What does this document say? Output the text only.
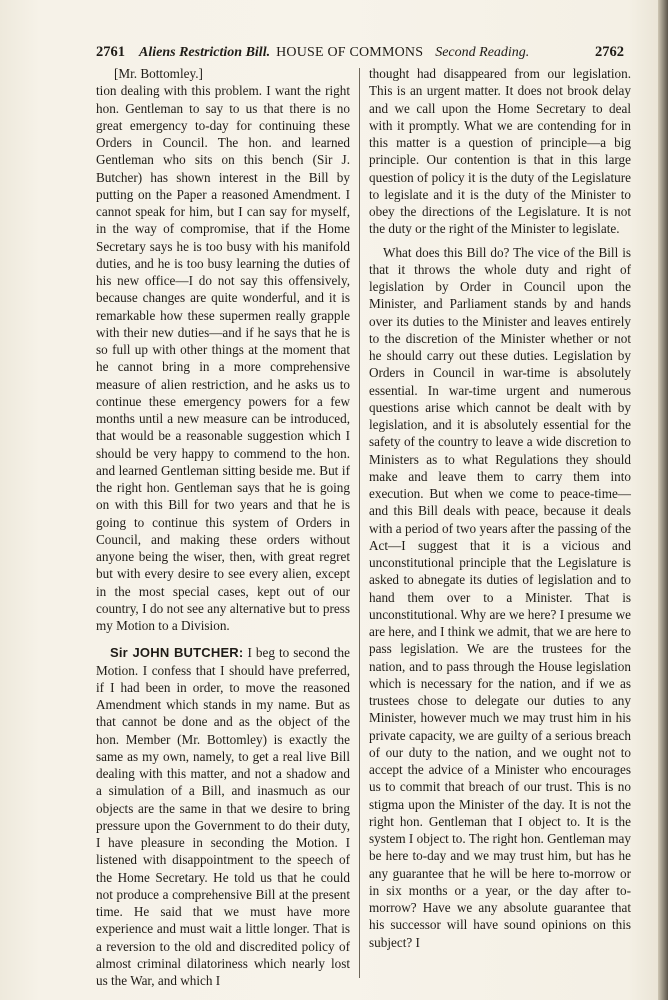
2761 Aliens Restriction Bill. HOUSE OF COMMONS Second Reading.	2762

[Mr. Bottomley.]

tion dealing with this problem. I want the right hon. Gentleman to say to us that there is no great emergency to-day for continuing these Orders in Council. The hon. and learned Gentleman who sits on this bench (Sir J. Butcher) has shown interest in the Bill by putting on the Paper a reasoned Amendment. I cannot speak for him, but I can say for myself, in the way of compromise, that if the Home Secretary says he is too busy with his manifold duties, and he is too busy learning the duties of his new office—I do not say this offensively, because changes are quite wonderful, and it is remarkable how these supermen really grapple with their new duties—and if he says that he is so full up with other things at the moment that he cannot bring in a more comprehensive measure of alien restriction, and he asks us to continue these emergency powers for a few months until a new measure can be introduced, that would be a reasonable suggestion which I should be very happy to commend to the hon. and learned Gentleman sitting beside me. But if the right hon. Gentleman says that he is going on with this Bill for two years and that he is going to continue this system of Orders in Council, and making these orders without anyone being the wiser, then, with great regret but with every desire to see every alien, except in the most special cases, kept out of our country, I do not see any alternative but to press my Motion to a Division.

Sir JOHN BUTCHER: I beg to second the Motion. I confess that I should have preferred, if I had been in order, to move the reasoned Amendment which stands in my name. But as that cannot be done and as the object of the hon. Member (Mr. Bottomley) is exactly the same as my own, namely, to get a real live Bill dealing with this matter, and not a shadow and a simulation of a Bill, and inasmuch as our objects are the same in that we desire to bring pressure upon the Government to do their duty, I have pleasure in seconding the Motion. I listened with disappointment to the speech of the Home Secretary. He told us that he could not produce a comprehensive Bill at the present time. He said that we must have more experience and must wait a little longer. That is a reversion to the old and discredited policy of almost criminal dilatoriness which nearly lost us the War, and which I

thought had disappeared from our legislation. This is an urgent matter. It does not brook delay and we call upon the Home Secretary to deal with it promptly. What we are contending for in this matter is a question of principle—a big principle. Our contention is that in this large question of policy it is the duty of the Legislature to legislate and it is the duty of the Minister to obey the directions of the Legislature. It is not the duty or the right of the Minister to legislate.

What does this Bill do? The vice of the Bill is that it throws the whole duty and right of legislation by Order in Council upon the Minister, and Parliament stands by and hands over its duties to the Minister and leaves entirely to the discretion of the Minister whether or not he should carry out these duties. Legislation by Orders in Council in war-time is absolutely essential. In war-time urgent and numerous questions arise which cannot be dealt with by legislation, and it is absolutely essential for the safety of the country to leave a wide discretion to Ministers as to what Regulations they should make and leave them to carry them into execution. But when we come to peace-time—and this Bill deals with peace, because it deals with a period of two years after the passing of the Act—I suggest that it is a vicious and unconstitutional principle that the Legislature is asked to abnegate its duties of legislation and to hand them over to a Minister. That is unconstitutional. Why are we here? I presume we are here, and I think we admit, that we are here to pass legislation. We are the trustees for the nation, and to pass through the House legislation which is necessary for the nation, and if we as trustees chose to delegate our duties to any Minister, however much we may trust him in his private capacity, we are guilty of a serious breach of our duty to the nation, and we ought not to accept the advice of a Minister who encourages us to commit that breach of our trust. This is no stigma upon the Minister of the day. It is not the right hon. Gentleman that I object to. It is the system I object to. The right hon. Gentleman may be here to-day and we may trust him, but has he any guarantee that he will be here to-morrow or in six months or a year, or the day after to-morrow? Have we any absolute guarantee that his successor will have sound opinions on this subject? I
